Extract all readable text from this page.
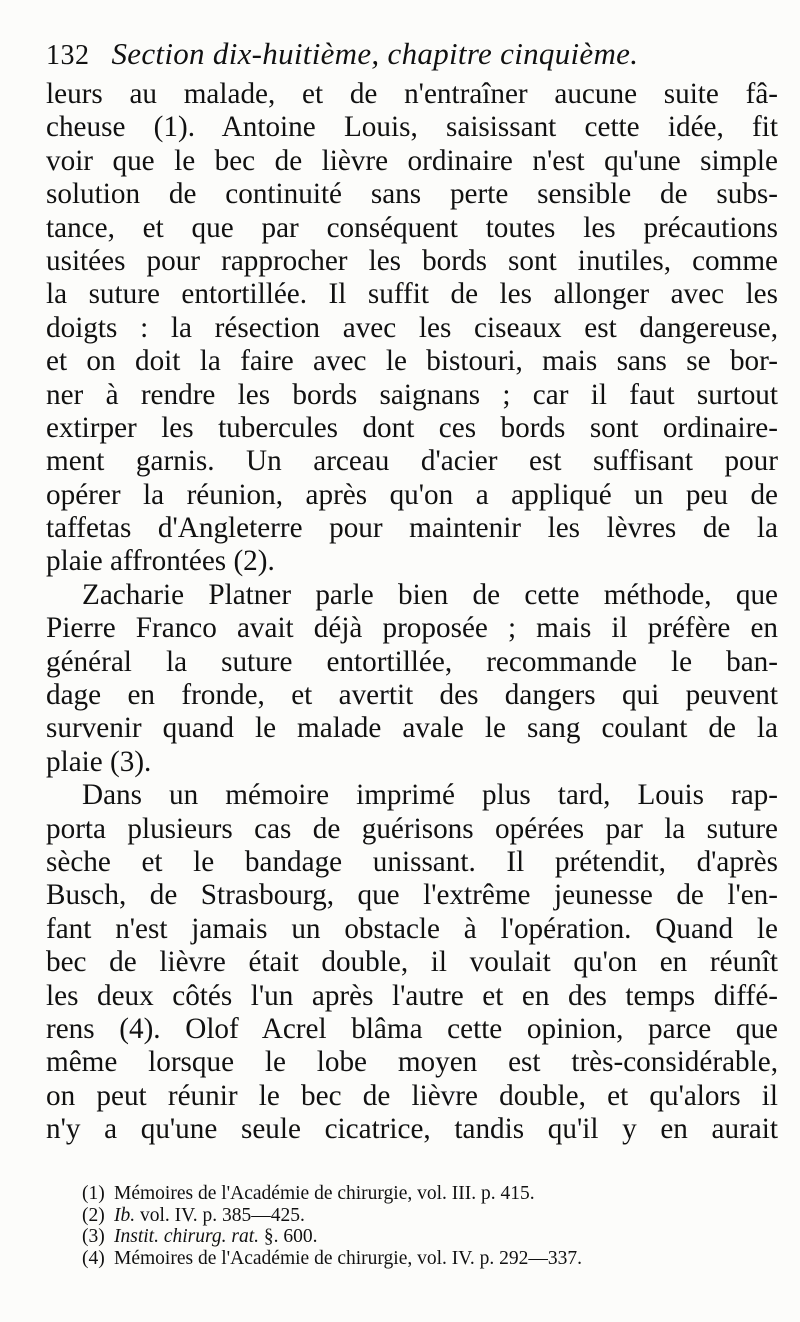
132 Section dix-huitième, chapitre cinquième.
leurs au malade, et de n'entraîner aucune suite fâ-
cheuse (1). Antoine Louis, saisissant cette idée, fit
voir que le bec de lièvre ordinaire n'est qu'une simple
solution de continuité sans perte sensible de subs-
tance, et que par conséquent toutes les précautions
usitées pour rapprocher les bords sont inutiles, comme
la suture entortillée. Il suffit de les allonger avec les
doigts : la résection avec les ciseaux est dangereuse,
et on doit la faire avec le bistouri, mais sans se bor-
ner à rendre les bords saignans ; car il faut surtout
extirper les tubercules dont ces bords sont ordinaire-
ment garnis. Un arceau d'acier est suffisant pour
opérer la réunion, après qu'on a appliqué un peu de
taffetas d'Angleterre pour maintenir les lèvres de la
plaie affrontées (2).
Zacharie Platner parle bien de cette méthode, que
Pierre Franco avait déjà proposée ; mais il préfère en
général la suture entortillée, recommande le ban-
dage en fronde, et avertit des dangers qui peuvent
survenir quand le malade avale le sang coulant de la
plaie (3).
Dans un mémoire imprimé plus tard, Louis rap-
porta plusieurs cas de guérisons opérées par la suture
sèche et le bandage unissant. Il prétendit, d'après
Busch, de Strasbourg, que l'extrême jeunesse de l'en-
fant n'est jamais un obstacle à l'opération. Quand le
bec de lièvre était double, il voulait qu'on en réunît
les deux côtés l'un après l'autre et en des temps diffé-
rens (4). Olof Acrel blâma cette opinion, parce que
même lorsque le lobe moyen est très-considérable,
on peut réunir le bec de lièvre double, et qu'alors il
n'y a qu'une seule cicatrice, tandis qu'il y en aurait
(1) Mémoires de l'Académie de chirurgie, vol. III. p. 415.
(2) Ib. vol. IV. p. 385—425.
(3) Instit. chirurg. rat. §. 600.
(4) Mémoires de l'Académie de chirurgie, vol. IV. p. 292—337.
